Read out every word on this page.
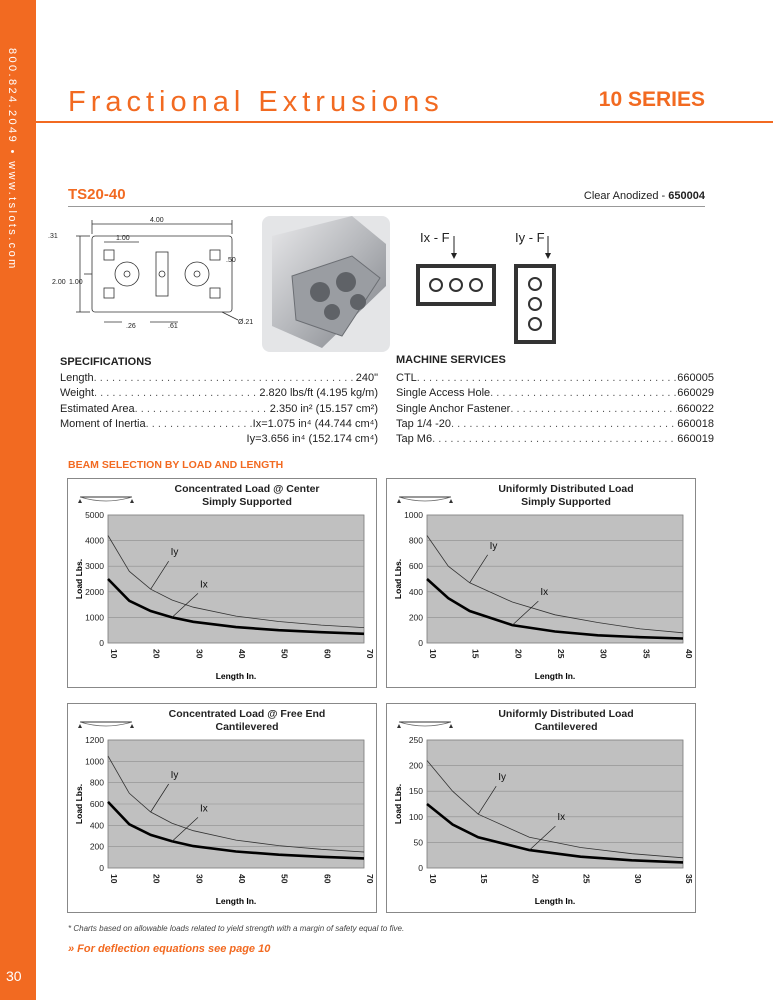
800.824.2049 • www.tslots.com
30
Fractional Extrusions	10 SERIES
TS20-40	Clear Anodized - 650004
4.00
.31	1.00
2.00 1.00
.50
.26	.61
Ø.21
Ix - F	Iy - F
SPECIFICATIONS
Length . . .	240"
Weight . . .	2.820 lbs/ft (4.195 kg/m)
Estimated Area . . .	2.350 in² (15.157 cm²)
Moment of Inertia . . .	Ix=1.075 in⁴ (44.744 cm⁴)
Iy=3.656 in⁴ (152.174 cm⁴)
MACHINE SERVICES
CTL . . .	660005
Single Access Hole . . .	660029
Single Anchor Fastener . . .	660022
Tap 1/4 -20 . . .	660018
Tap M6 . . .	660019
BEAM SELECTION BY LOAD AND LENGTH
Concentrated Load @ Center
Simply Supported
0
1000
2000
3000
4000
5000
10	20	30	40	50	60	70
Length In.
Load Lbs.
Iy
Ix
Uniformly Distributed Load
Simply Supported
0
200
400
600
800
1000
10	15	20	25	30	35	40
Length In.
Load Lbs.
Iy
Ix
Concentrated Load @ Free End
Cantilevered
0
200
400
600
800
1000
1200
10	20	30	40	50	60	70
Length In.
Load Lbs.
Iy
Ix
Uniformly Distributed Load
Cantilevered
0
50
100
150
200
250
10	15	20	25	30	35
Length In.
Load Lbs.
Iy
Ix
* Charts based on allowable loads related to yield strength with a margin of safety equal to five.
» For deflection equations see page 10
